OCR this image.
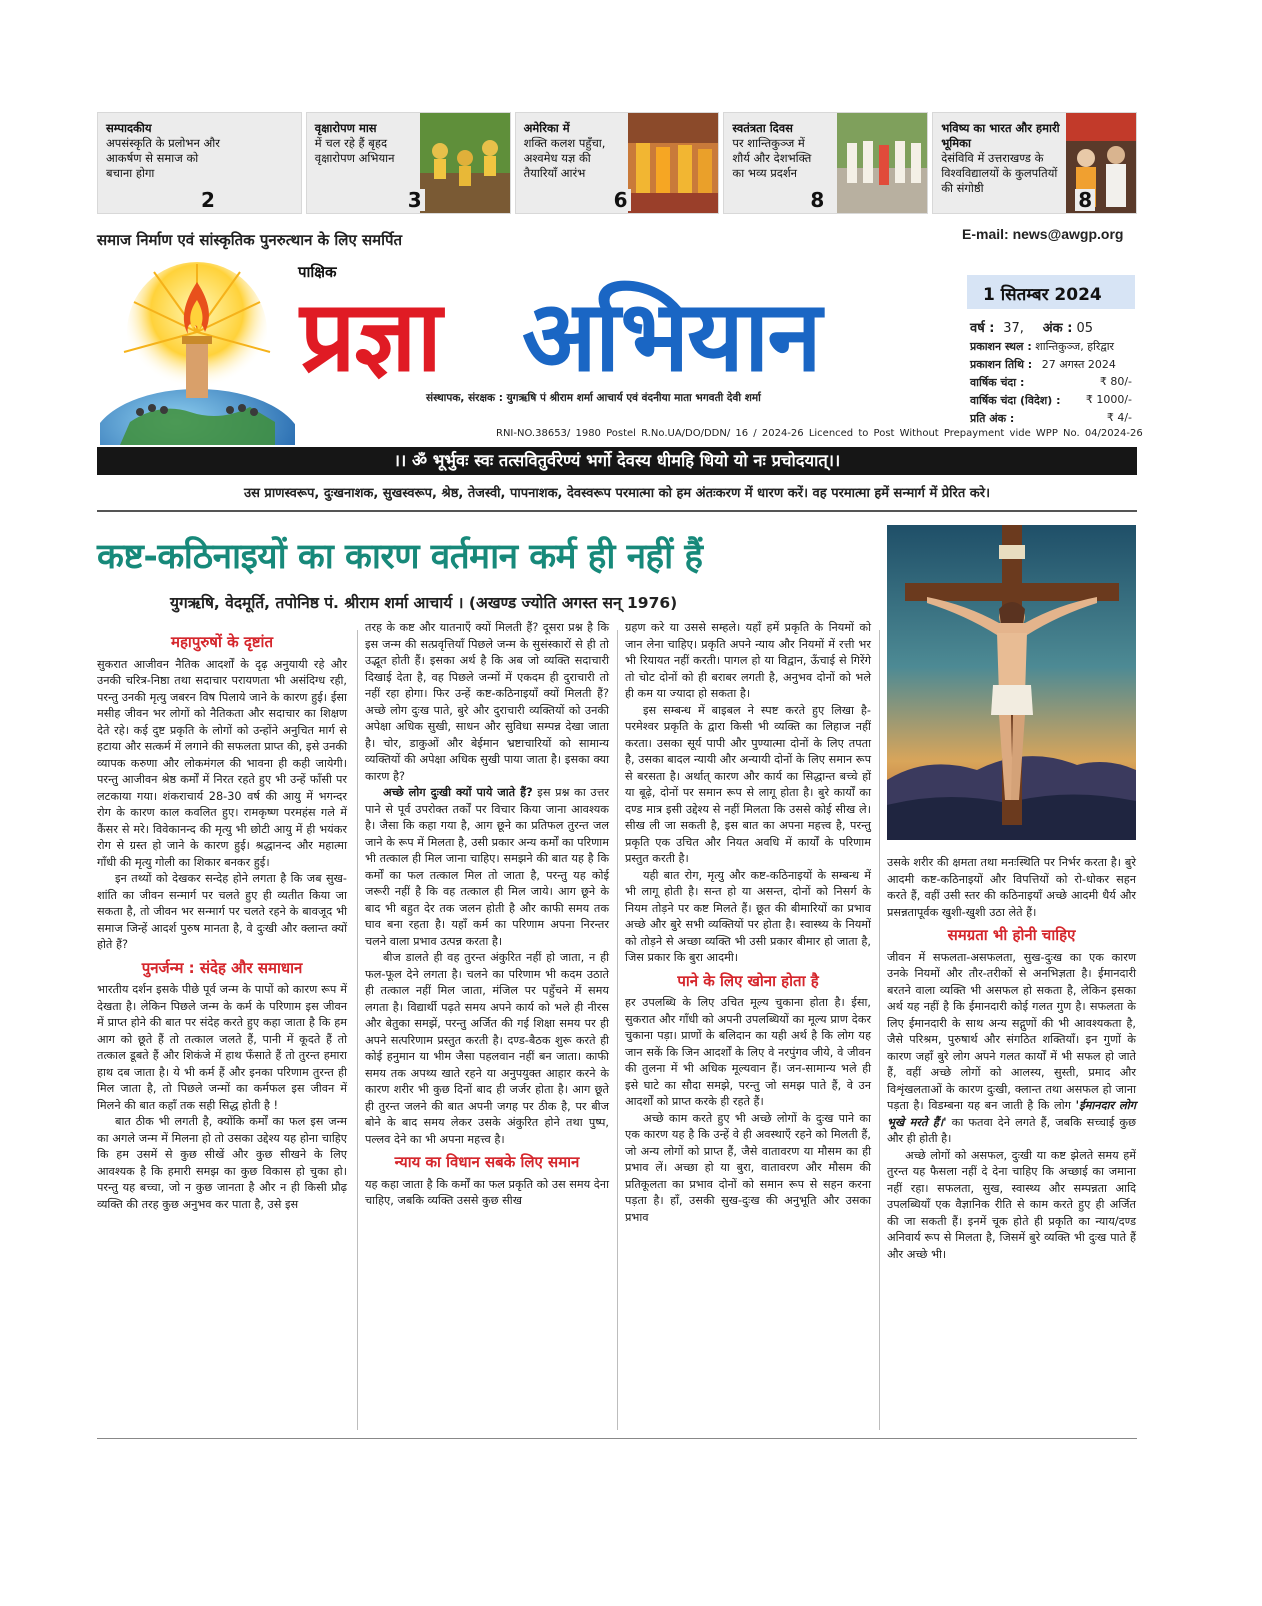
सम्पादकीय
अपसंस्कृति के प्रलोभन और आकर्षण से समाज को बचाना होगा
2
वृक्षारोपण मास
में चल रहे हैं बृहद वृक्षारोपण अभियान
3
अमेरिका में
शक्ति कलश पहुँचा, अश्वमेध यज्ञ की तैयारियाँ आरंभ
6
स्वतंत्रता दिवस
पर शान्तिकुञ्ज में शौर्य और देशभक्ति का भव्य प्रदर्शन
8
भविष्य का भारत और हमारी भूमिका
देसंविवि में उत्तराखण्ड के विश्वविद्यालयों के कुलपतियों की संगोष्ठी	8
समाज निर्माण एवं सांस्कृतिक पुनरुत्थान के लिए समर्पित	E-mail: news@awgp.org
पाक्षिक
प्रज्ञा अभियान
संस्थापक, संरक्षक : युगऋषि पं श्रीराम शर्मा आचार्य एवं वंदनीया माता भगवती देवी शर्मा
RNI-NO.38653/ 1980 Postel R.No.UA/DO/DDN/ 16 / 2024-26 Licenced to Post Without Prepayment vide WPP No. 04/2024-26
1 सितम्बर 2024
वर्ष : 37, अंक : 05
प्रकाशन स्थल : शान्तिकुञ्ज, हरिद्वार
प्रकाशन तिथि : 27 अगस्त 2024
वार्षिक चंदा :	₹ 80/-
वार्षिक चंदा (विदेश) : ₹ 1000/-
प्रति अंक :	₹ 4/-
।। ॐ भूर्भुवः स्वः तत्सवितुर्वरेण्यं भर्गो देवस्य धीमहि धियो यो नः प्रचोदयात्।।
उस प्राणस्वरूप, दुःखनाशक, सुखस्वरूप, श्रेष्ठ, तेजस्वी, पापनाशक, देवस्वरूप परमात्मा को हम अंतःकरण में धारण करें। वह परमात्मा हमें सन्मार्ग में प्रेरित करे।
कष्ट-कठिनाइयों का कारण वर्तमान कर्म ही नहीं हैं
युगऋषि, वेदमूर्ति, तपोनिष्ठ पं. श्रीराम शर्मा आचार्य । (अखण्ड ज्योति अगस्त सन् 1976)
महापुरुषों के दृष्टांत

सुकरात आजीवन नैतिक आदर्शों के दृढ़ अनुयायी रहे और उनकी चरित्र-निष्ठा तथा सदाचार परायणता भी असंदिग्ध रही, परन्तु उनकी मृत्यु जबरन विष पिलाये जाने के कारण हुई। ईसा मसीह जीवन भर लोगों को नैतिकता और सदाचार का शिक्षण देते रहे। कई दुष्ट प्रकृति के लोगों को उन्होंने अनुचित मार्ग से हटाया और सत्कर्म में लगाने की सफलता प्राप्त की, इसे उनकी व्यापक करुणा और लोकमंगल की भावना ही कही जायेगी। परन्तु आजीवन श्रेष्ठ कर्मों में निरत रहते हुए भी उन्हें फाँसी पर लटकाया गया। शंकराचार्य 28-30 वर्ष की आयु में भगन्दर रोग के कारण काल कवलित हुए। रामकृष्ण परमहंस गले में कैंसर से मरे। विवेकानन्द की मृत्यु भी छोटी आयु में ही भयंकर रोग से ग्रस्त हो जाने के कारण हुई। श्रद्धानन्द और महात्मा गाँधी की मृत्यु गोली का शिकार बनकर हुई।

इन तथ्यों को देखकर सन्देह होने लगता है कि जब सुख-शांति का जीवन सन्मार्ग पर चलते हुए ही व्यतीत किया जा सकता है, तो जीवन भर सन्मार्ग पर चलते रहने के बावजूद भी समाज जिन्हें आदर्श पुरुष मानता है, वे दुःखी और क्लान्त क्यों होते हैं?

पुनर्जन्म : संदेह और समाधान

भारतीय दर्शन इसके पीछे पूर्व जन्म के पापों को कारण रूप में देखता है। लेकिन पिछले जन्म के कर्म के परिणाम इस जीवन में प्राप्त होने की बात पर संदेह करते हुए कहा जाता है कि हम आग को छूते हैं तो तत्काल जलते हैं, पानी में कूदते हैं तो तत्काल डूबते हैं और शिकंजे में हाथ फँसाते हैं तो तुरन्त हमारा हाथ दब जाता है। ये भी कर्म हैं और इनका परिणाम तुरन्त ही मिल जाता है, तो पिछले जन्मों का कर्मफल इस जीवन में मिलने की बात कहाँ तक सही सिद्ध होती है !

बात ठीक भी लगती है, क्योंकि कर्मों का फल इस जन्म का अगले जन्म में मिलना हो तो उसका उद्देश्य यह होना चाहिए कि हम उसमें से कुछ सीखें और कुछ सीखने के लिए आवश्यक है कि हमारी समझ का कुछ विकास हो चुका हो। परन्तु यह बच्चा, जो न कुछ जानता है और न ही किसी प्रौढ़ व्यक्ति की तरह कुछ अनुभव कर पाता है, उसे इस

तरह के कष्ट और यातनाएँ क्यों मिलती हैं? दूसरा प्रश्न है कि इस जन्म की सत्प्रवृत्तियाँ पिछले जन्म के सुसंस्कारों से ही तो उद्भूत होती हैं। इसका अर्थ है कि अब जो व्यक्ति सदाचारी दिखाई देता है, वह पिछले जन्मों में एकदम ही दुराचारी तो नहीं रहा होगा। फिर उन्हें कष्ट-कठिनाइयाँ क्यों मिलती हैं? अच्छे लोग दुःख पाते, बुरे और दुराचारी व्यक्तियों को उनकी अपेक्षा अधिक सुखी, साधन और सुविधा सम्पन्न देखा जाता है। चोर, डाकुओं और बेईमान भ्रष्टाचारियों को सामान्य व्यक्तियों की अपेक्षा अधिक सुखी पाया जाता है। इसका क्या कारण है?

अच्छे लोग दुःखी क्यों पाये जाते हैं? इस प्रश्न का उत्तर पाने से पूर्व उपरोक्त तर्कों पर विचार किया जाना आवश्यक है। जैसा कि कहा गया है, आग छूने का प्रतिफल तुरन्त जल जाने के रूप में मिलता है, उसी प्रकार अन्य कर्मों का परिणाम भी तत्काल ही मिल जाना चाहिए। समझने की बात यह है कि कर्मों का फल तत्काल मिल तो जाता है, परन्तु यह कोई जरूरी नहीं है कि वह तत्काल ही मिल जाये। आग छूने के बाद भी बहुत देर तक जलन होती है और काफी समय तक घाव बना रहता है। यहाँ कर्म का परिणाम अपना निरन्तर चलने वाला प्रभाव उत्पन्न करता है।

बीज डालते ही वह तुरन्त अंकुरित नहीं हो जाता, न ही फल-फूल देने लगता है। चलने का परिणाम भी कदम उठाते ही तत्काल नहीं मिल जाता, मंजिल पर पहुँचने में समय लगता है। विद्यार्थी पढ़ते समय अपने कार्य को भले ही नीरस और बेतुका समझें, परन्तु अर्जित की गई शिक्षा समय पर ही अपने सत्परिणाम प्रस्तुत करती है। दण्ड-बैठक शुरू करते ही कोई हनुमान या भीम जैसा पहलवान नहीं बन जाता। काफी समय तक अपथ्य खाते रहने या अनुपयुक्त आहार करने के कारण शरीर भी कुछ दिनों बाद ही जर्जर होता है। आग छूते ही तुरन्त जलने की बात अपनी जगह पर ठीक है, पर बीज बोने के बाद समय लेकर उसके अंकुरित होने तथा पुष्प, पल्लव देने का भी अपना महत्त्व है।

न्याय का विधान सबके लिए समान

यह कहा जाता है कि कर्मों का फल प्रकृति को उस समय देना चाहिए, जबकि व्यक्ति उससे कुछ सीख

ग्रहण करे या उससे सम्हले। यहाँ हमें प्रकृति के नियमों को जान लेना चाहिए। प्रकृति अपने न्याय और नियमों में रत्ती भर भी रियायत नहीं करती। पागल हो या विद्वान, ऊँचाई से गिरेंगे तो चोट दोनों को ही बराबर लगती है, अनुभव दोनों को भले ही कम या ज्यादा हो सकता है।

इस सम्बन्ध में बाइबल ने स्पष्ट करते हुए लिखा है-परमेश्वर प्रकृति के द्वारा किसी भी व्यक्ति का लिहाज नहीं करता। उसका सूर्य पापी और पुण्यात्मा दोनों के लिए तपता है, उसका बादल न्यायी और अन्यायी दोनों के लिए समान रूप से बरसता है। अर्थात् कारण और कार्य का सिद्धान्त बच्चे हों या बूढ़े, दोनों पर समान रूप से लागू होता है। बुरे कार्यों का दण्ड मात्र इसी उद्देश्य से नहीं मिलता कि उससे कोई सीख ले। सीख ली जा सकती है, इस बात का अपना महत्त्व है, परन्तु प्रकृति एक उचित और नियत अवधि में कार्यों के परिणाम प्रस्तुत करती है।

यही बात रोग, मृत्यु और कष्ट-कठिनाइयों के सम्बन्ध में भी लागू होती है। सन्त हो या असन्त, दोनों को निसर्ग के नियम तोड़ने पर कष्ट मिलते हैं। छूत की बीमारियों का प्रभाव अच्छे और बुरे सभी व्यक्तियों पर होता है। स्वास्थ्य के नियमों को तोड़ने से अच्छा व्यक्ति भी उसी प्रकार बीमार हो जाता है, जिस प्रकार कि बुरा आदमी।

पाने के लिए खोना होता है

हर उपलब्धि के लिए उचित मूल्य चुकाना होता है। ईसा, सुकरात और गाँधी को अपनी उपलब्धियों का मूल्य प्राण देकर चुकाना पड़ा। प्राणों के बलिदान का यही अर्थ है कि लोग यह जान सकें कि जिन आदर्शों के लिए वे नरपुंगव जीये, वे जीवन की तुलना में भी अधिक मूल्यवान हैं। जन-सामान्य भले ही इसे घाटे का सौदा समझे, परन्तु जो समझ पाते हैं, वे उन आदर्शों को प्राप्त करके ही रहते हैं।

अच्छे काम करते हुए भी अच्छे लोगों के दुःख पाने का एक कारण यह है कि उन्हें वे ही अवस्थाएँ रहने को मिलती हैं, जो अन्य लोगों को प्राप्त हैं, जैसे वातावरण या मौसम का ही प्रभाव लें। अच्छा हो या बुरा, वातावरण और मौसम की प्रतिकूलता का प्रभाव दोनों को समान रूप से सहन करना पड़ता है। हाँ, उसकी सुख-दुःख की अनुभूति और उसका प्रभाव

उसके शरीर की क्षमता तथा मनःस्थिति पर निर्भर करता है। बुरे आदमी कष्ट-कठिनाइयों और विपत्तियों को रो-धोकर सहन करते हैं, वहीं उसी स्तर की कठिनाइयाँ अच्छे आदमी धैर्य और प्रसन्नतापूर्वक खुशी-खुशी उठा लेते हैं।

समग्रता भी होनी चाहिए

जीवन में सफलता-असफलता, सुख-दुःख का एक कारण उनके नियमों और तौर-तरीकों से अनभिज्ञता है। ईमानदारी बरतने वाला व्यक्ति भी असफल हो सकता है, लेकिन इसका अर्थ यह नहीं है कि ईमानदारी कोई गलत गुण है। सफलता के लिए ईमानदारी के साथ अन्य सद्गुणों की भी आवश्यकता है, जैसे परिश्रम, पुरुषार्थ और संगठित शक्तियाँ। इन गुणों के कारण जहाँ बुरे लोग अपने गलत कार्यों में भी सफल हो जाते हैं, वहीं अच्छे लोगों को आलस्य, सुस्ती, प्रमाद और विशृंखलताओं के कारण दुःखी, क्लान्त तथा असफल हो जाना पड़ता है। विडम्बना यह बन जाती है कि लोग 'ईमानदार लोग भूखे मरते हैं।' का फतवा देने लगते हैं, जबकि सच्चाई कुछ और ही होती है।

अच्छे लोगों को असफल, दुःखी या कष्ट झेलते समय हमें तुरन्त यह फैसला नहीं दे देना चाहिए कि अच्छाई का जमाना नहीं रहा। सफलता, सुख, स्वास्थ्य और सम्पन्नता आदि उपलब्धियाँ एक वैज्ञानिक रीति से काम करते हुए ही अर्जित की जा सकती हैं। इनमें चूक होते ही प्रकृति का न्याय/दण्ड अनिवार्य रूप से मिलता है, जिसमें बुरे व्यक्ति भी दुःख पाते हैं और अच्छे भी।
